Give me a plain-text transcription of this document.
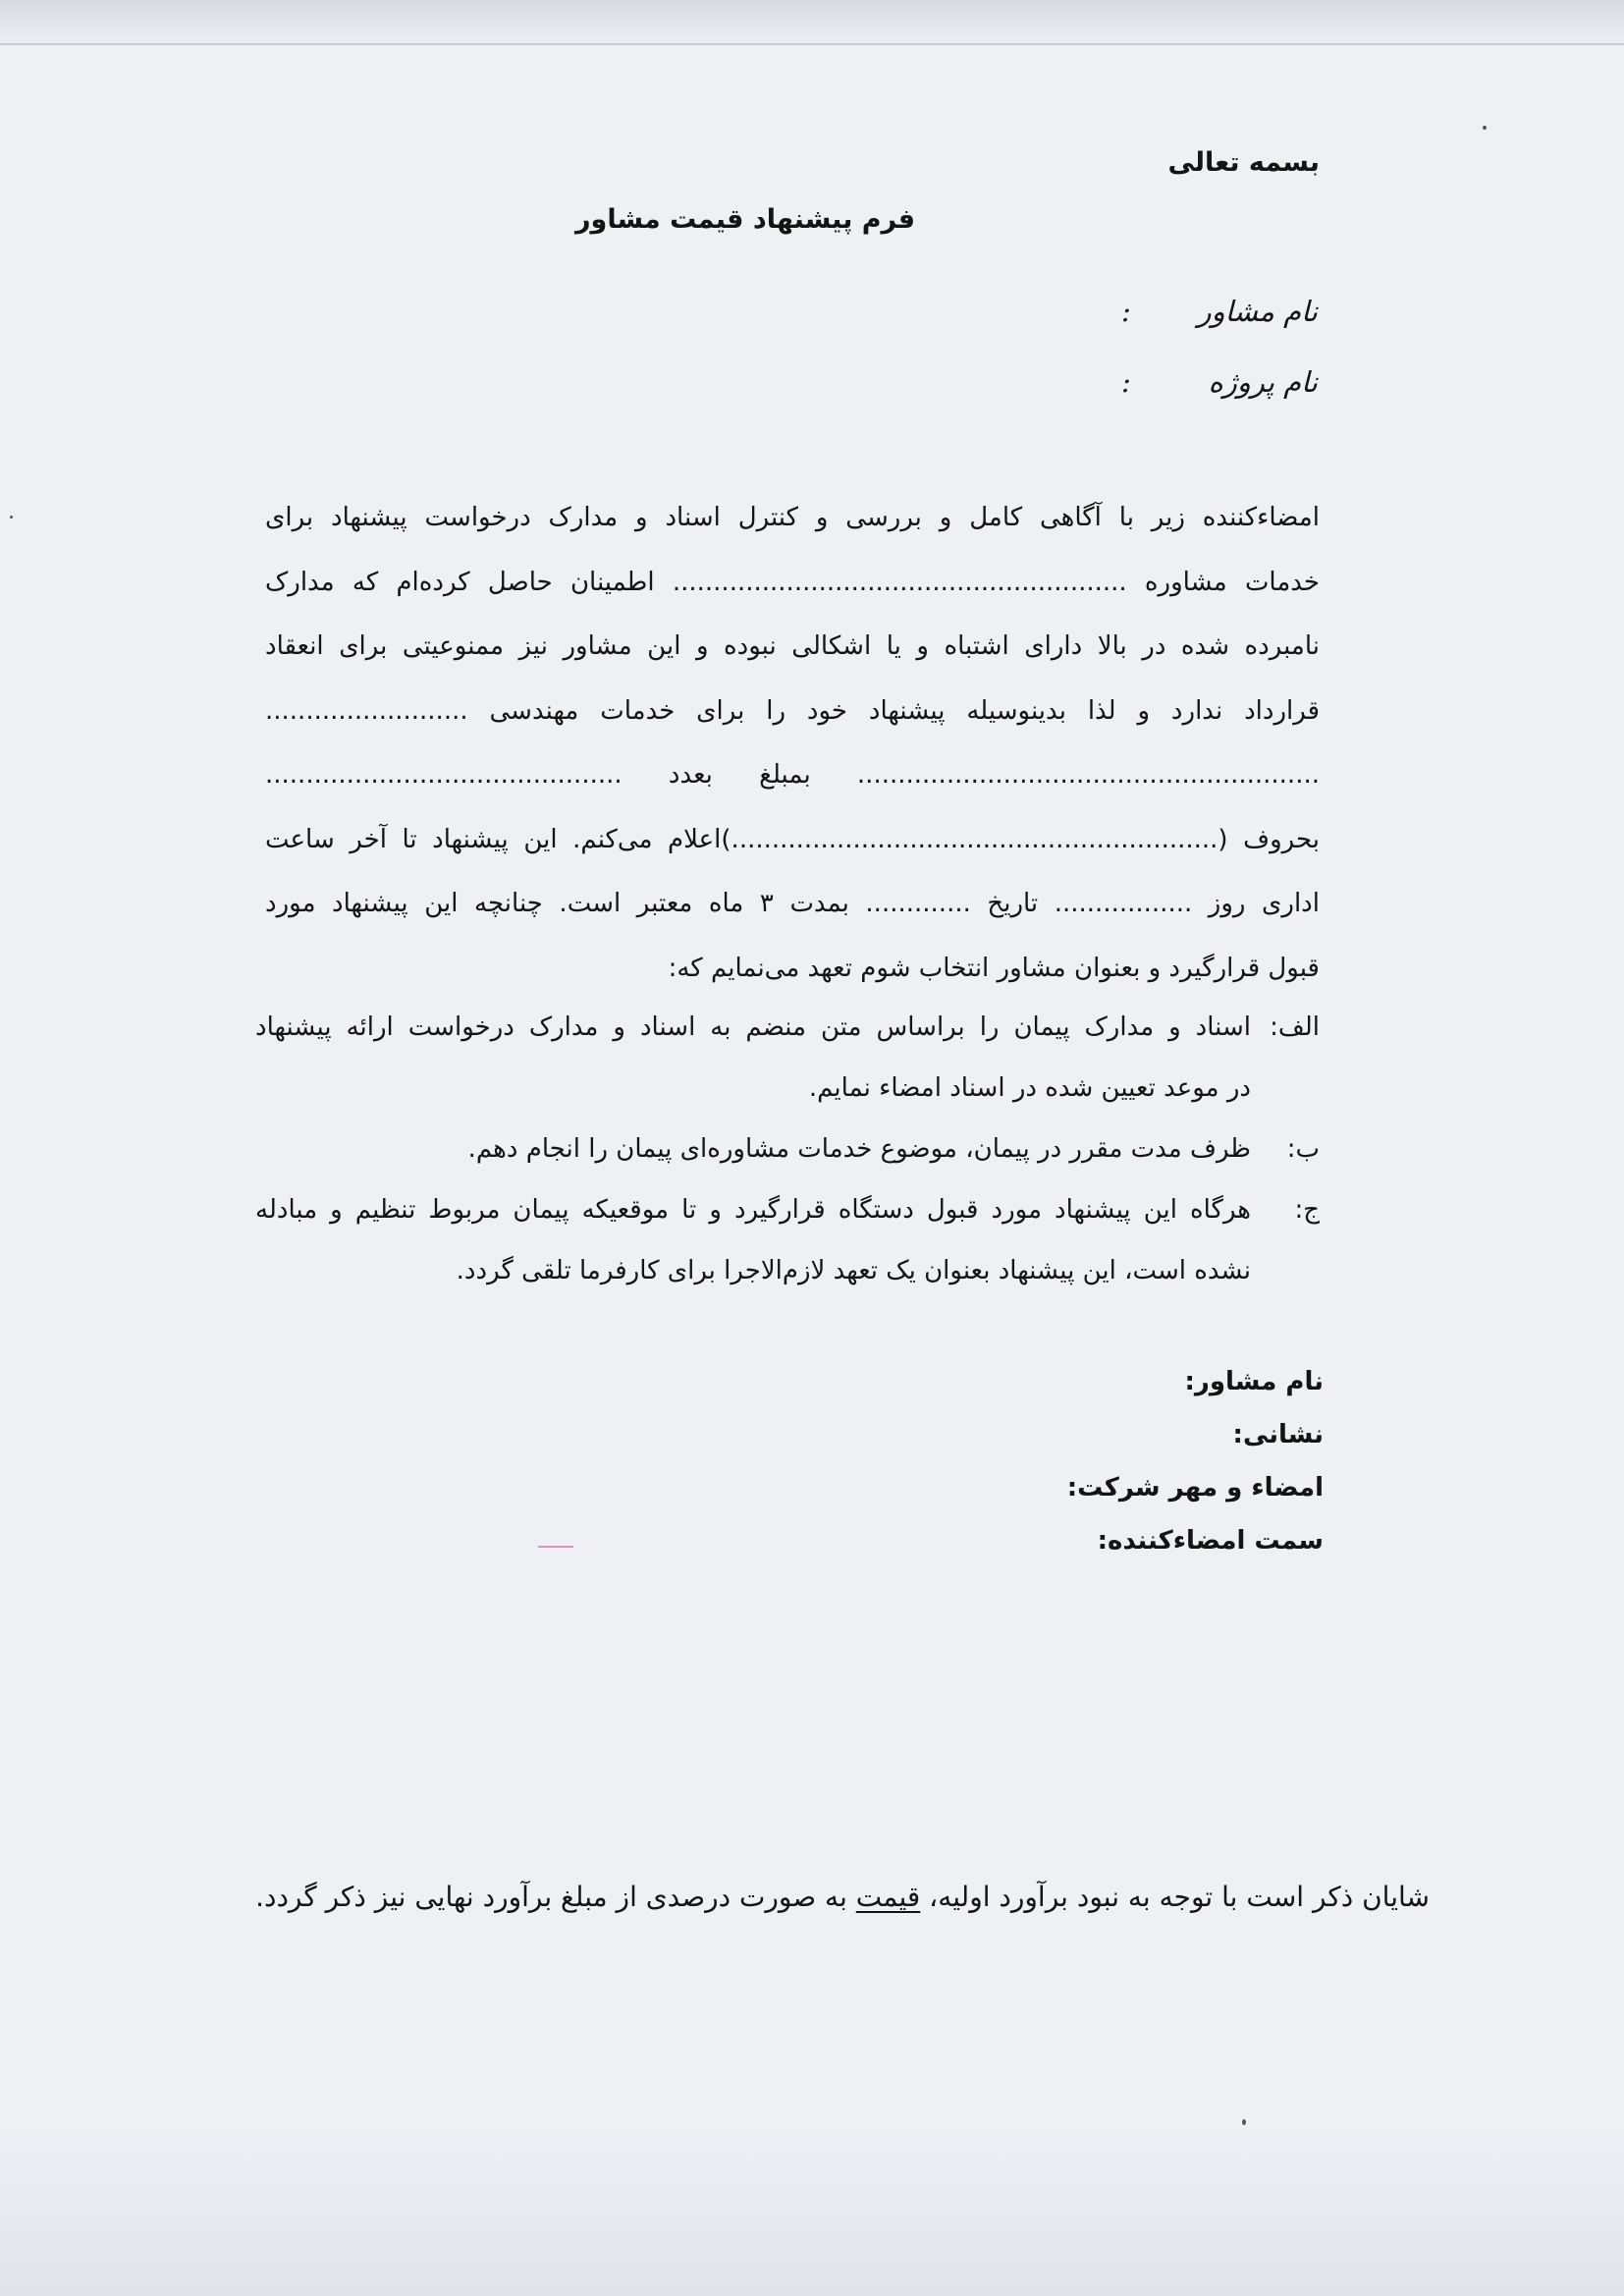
بسمه تعالی
فرم پیشنهاد قیمت مشاور
نام مشاور
:
نام پروژه
:
امضاءکننده زیر با آگاهی کامل و بررسی و کنترل اسناد و مدارک درخواست پیشنهاد برای
خدمات مشاوره ........................................................ اطمینان حاصل کرده‌ام که مدارک
نامبرده شده در بالا دارای اشتباه و یا اشکالی نبوده و این مشاور نیز ممنوعیتی برای انعقاد
قرارداد ندارد و لذا بدینوسیله پیشنهاد خود را برای خدمات مهندسی .........................
......................................................... بمبلغ بعدد ............................................
بحروف (............................................................)اعلام می‌کنم. این پیشنهاد تا آخر ساعت
اداری روز ................. تاریخ ............. بمدت ۳ ماه معتبر است. چنانچه این پیشنهاد مورد
قبول قرارگیرد و بعنوان مشاور انتخاب شوم تعهد می‌نمایم که:
الف:
اسناد و مدارک پیمان را براساس متن منضم به اسناد و مدارک درخواست ارائه پیشنهاد
در موعد تعیین شده در اسناد امضاء نمایم.
ب:
ظرف مدت مقرر در پیمان، موضوع خدمات مشاوره‌ای پیمان را انجام دهم.
ج:
هرگاه این پیشنهاد مورد قبول دستگاه قرارگیرد و تا موقعیکه پیمان مربوط تنظیم و مبادله
نشده است، این پیشنهاد بعنوان یک تعهد لازم‌الاجرا برای کارفرما تلقی گردد.
نام مشاور:
نشانی:
امضاء و مهر شرکت:
سمت امضاءکننده:
شایان ذکر است با توجه به نبود برآورد اولیه، قیمت به صورت درصدی از مبلغ برآورد نهایی نیز ذکر گردد.
